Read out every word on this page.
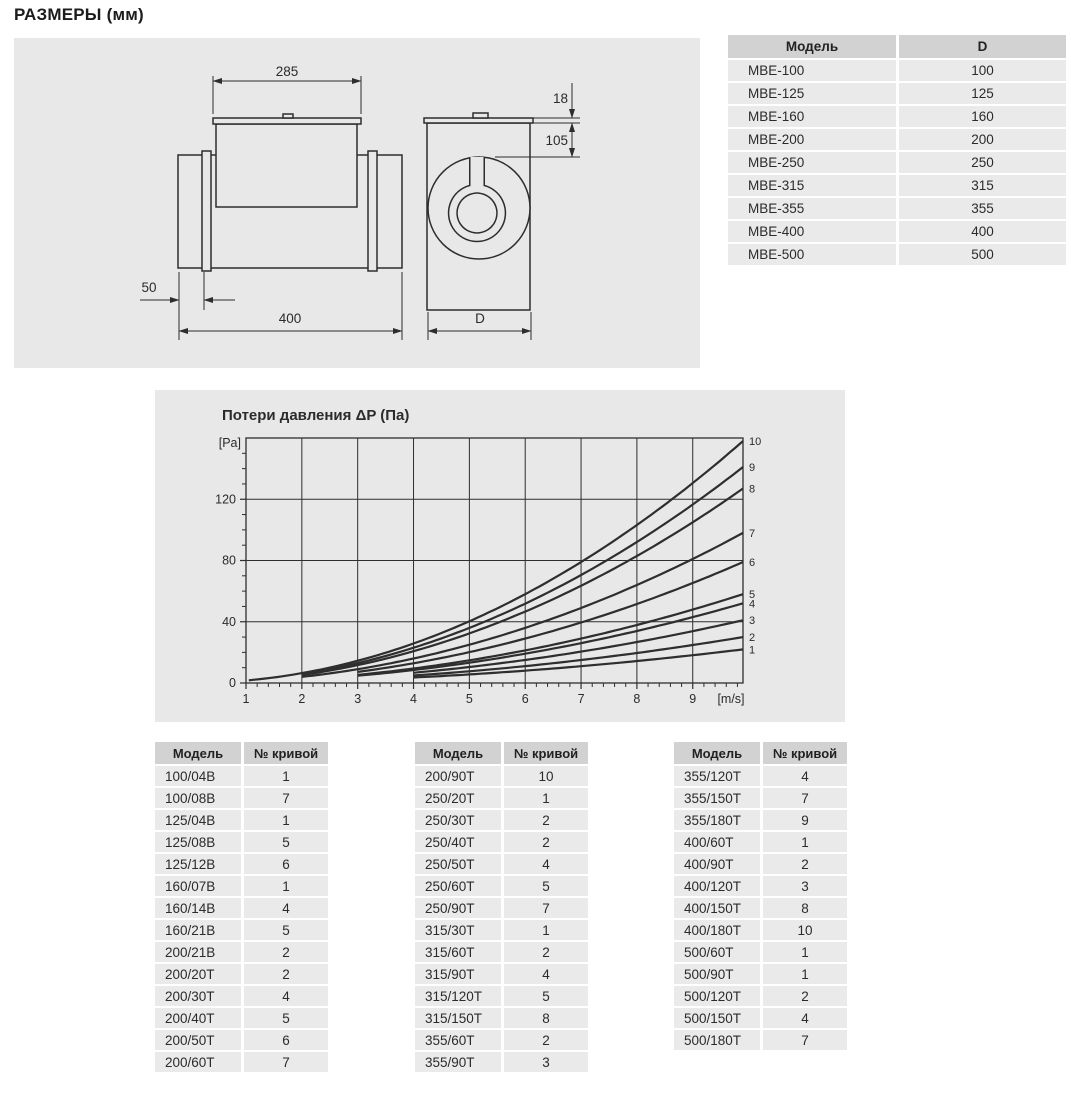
РАЗМЕРЫ (мм)
285
50
400
18
105
D
Модель	D
MBE-100	100
MBE-125	125
MBE-160	160
MBE-200	200
MBE-250	250
MBE-315	315
MBE-355	355
MBE-400	400
MBE-500	500
Потери давления ΔP (Па)
1	2	3	4	5	6	7	8	9
0
40
80
120
[Pa]
[m/s]
1
2
3
4
5
6
7
8
9
10
Модель	№ кривой
100/04B	1
100/08B	7
125/04B	1
125/08B	5
125/12B	6
160/07B	1
160/14B	4
160/21B	5
200/21B	2
200/20T	2
200/30T	4
200/40T	5
200/50T	6
200/60T	7
Модель	№ кривой
200/90T	10
250/20T	1
250/30T	2
250/40T	2
250/50T	4
250/60T	5
250/90T	7
315/30T	1
315/60T	2
315/90T	4
315/120T	5
315/150T	8
355/60T	2
355/90T	3
Модель	№ кривой
355/120T	4
355/150T	7
355/180T	9
400/60T	1
400/90T	2
400/120T	3
400/150T	8
400/180T	10
500/60T	1
500/90T	1
500/120T	2
500/150T	4
500/180T	7
